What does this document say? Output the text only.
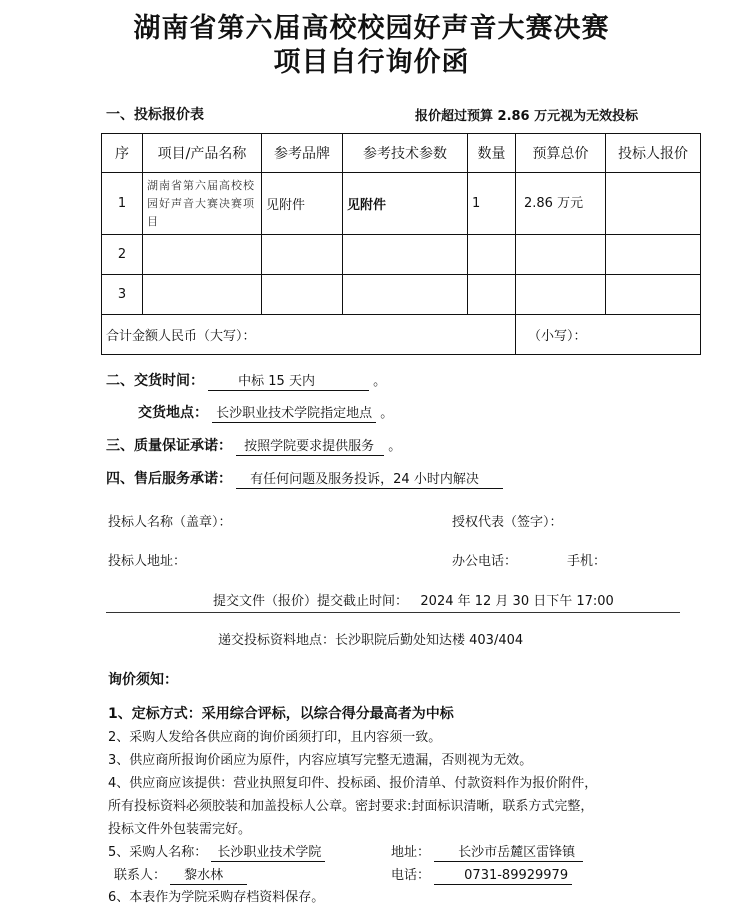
湖南省第六届高校校园好声音大赛决赛
项目自行询价函
一、投标报价表	报价超过预算 2.86 万元视为无效投标
序	项目/产品名称	参考品牌	参考技术参数	数量	预算总价	投标人报价
1	湖南省第六届高校校园好声音大赛决赛项目	见附件	见附件	1	2.86 万元	
2						
3						
合计金额人民币（大写）：					（小写）：	
二、交货时间：	中标 15 天内	。
交货地点： 长沙职业技术学院指定地点 。
三、质量保证承诺： 按照学院要求提供服务 。
四、售后服务承诺： 有任何问题及服务投诉，24 小时内解决
投标人名称（盖章）：	授权代表（签字）：
投标人地址：	办公电话：	手机：
提交文件（报价）提交截止时间：   2024 年 12 月 30 日下午 17:00
递交投标资料地点：长沙职院后勤处知达楼 403/404
询价须知：
1、定标方式：采用综合评标，以综合得分最高者为中标
2、采购人发给各供应商的询价函须打印，且内容须一致。
3、供应商所报询价函应为原件，内容应填写完整无遗漏，否则视为无效。
4、供应商应该提供：营业执照复印件、投标函、报价清单、付款资料作为报价附件，
所有投标资料必须胶装和加盖投标人公章。密封要求:封面标识清晰，联系方式完整，
投标文件外包装需完好。
5、采购人名称： 长沙职业技术学院	地址： 长沙市岳麓区雷锋镇
联系人： 黎水林	电话：	0731-89929979
6、本表作为学院采购存档资料保存。
